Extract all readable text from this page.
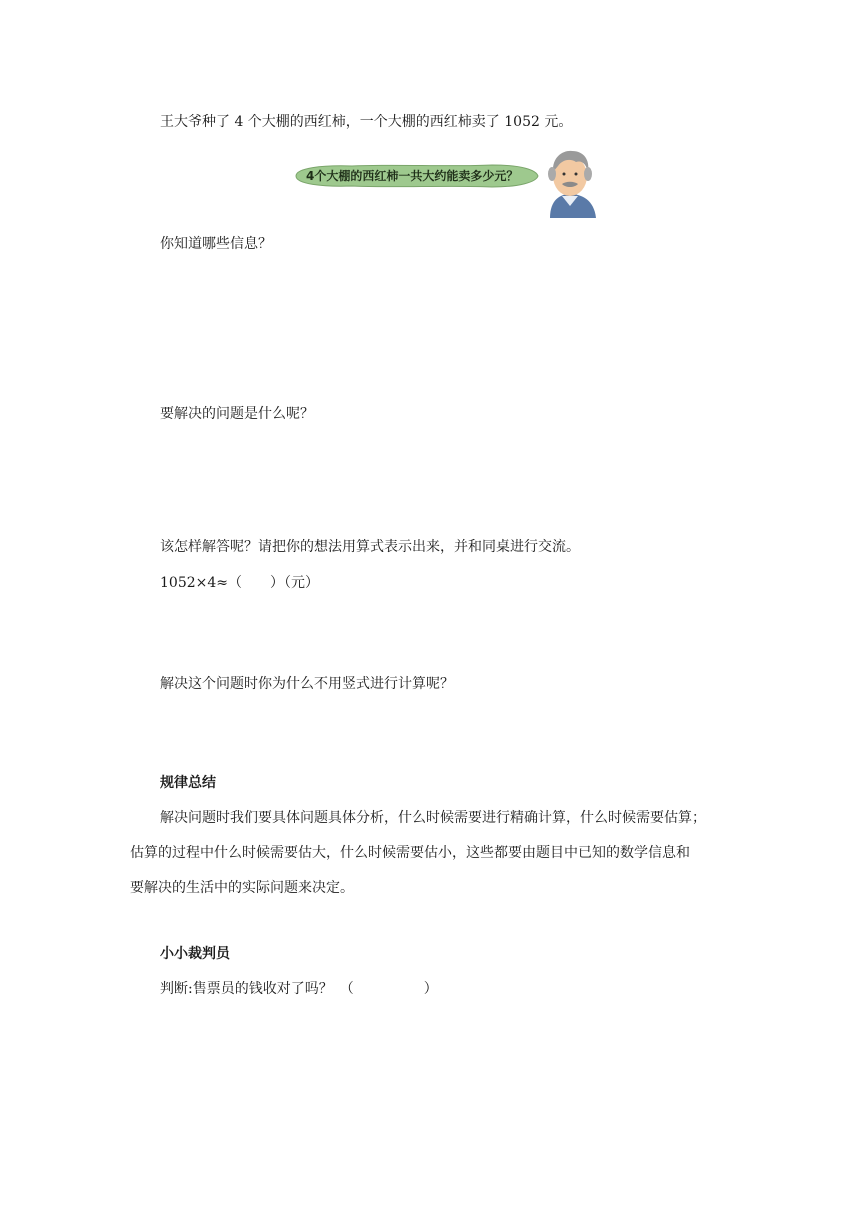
王大爷种了 4 个大棚的西红柿，一个大棚的西红柿卖了 1052 元。
4个大棚的西红柿一共大约能卖多少元？
你知道哪些信息？
要解决的问题是什么呢？
该怎样解答呢？请把你的想法用算式表示出来，并和同桌进行交流。
1052×4≈（　　）（元）
解决这个问题时你为什么不用竖式进行计算呢？
规律总结
解决问题时我们要具体问题具体分析，什么时候需要进行精确计算，什么时候需要估算；
估算的过程中什么时候需要估大，什么时候需要估小，这些都要由题目中已知的数学信息和
要解决的生活中的实际问题来决定。
小小裁判员
判断:售票员的钱收对了吗？　（　　　　　）
